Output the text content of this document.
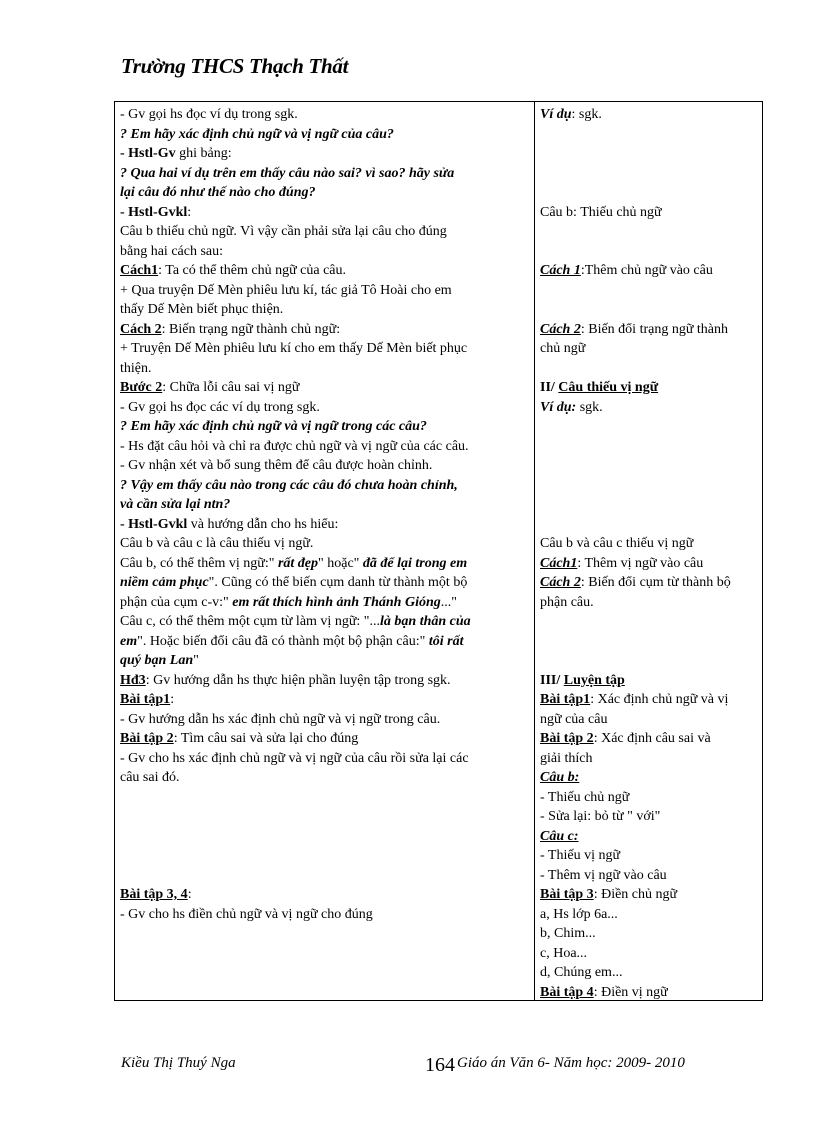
Trường THCS Thạch Thất
- Gv gọi hs đọc ví dụ trong sgk.
? Em hãy xác định chủ ngữ và vị ngữ của câu?
- Hstl-Gv ghi bảng:
? Qua hai ví dụ trên em thấy câu nào sai? vì sao? hãy sửa
lại câu đó như thế nào cho đúng?
- Hstl-Gvkl:
Câu b thiếu chủ ngữ. Vì vậy cần phải sửa lại câu cho đúng
bằng hai cách sau:
Cách1: Ta có thể thêm chủ ngữ của câu.
+ Qua truyện Dế Mèn phiêu lưu kí, tác giả Tô Hoài cho em
thấy Dế Mèn biết phục thiện.
Cách 2: Biến trạng ngữ thành chủ ngữ:
+ Truyện Dế Mèn phiêu lưu kí cho em thấy Dế Mèn biết phục
thiện.
Bước 2: Chữa lỗi câu sai vị ngữ
- Gv gọi hs đọc các ví dụ trong sgk.
? Em hãy xác định chủ ngữ và vị ngữ trong các câu?
- Hs đặt câu hỏi và chỉ ra được chủ ngữ và vị ngữ của các câu.
- Gv nhận xét và bổ sung thêm để câu được hoàn chỉnh.
? Vậy em thấy câu nào trong các câu đó chưa hoàn chỉnh,
và cần sửa lại ntn?
- Hstl-Gvkl và hướng dẫn cho hs hiểu:
Câu b và câu c là câu thiếu vị ngữ.
Câu b, có thể thêm vị ngữ:" rất đẹp" hoặc" đã để lại trong em
niềm cảm phục". Cũng có thể biến cụm danh từ thành một bộ
phận của cụm c-v:" em rất thích hình ảnh Thánh Gióng..."
Câu c, có thể thêm một cụm từ làm vị ngữ: "...là bạn thân của
em". Hoặc biến đổi câu đã có thành một bộ phận câu:" tôi rất
quý bạn Lan"
Hđ3: Gv hướng dẫn hs thực hiện phần luyện tập trong sgk.
Bài tập1:
- Gv hướng dẫn hs xác định chủ ngữ và vị ngữ trong câu.
Bài tập 2: Tìm câu sai và sửa lại cho đúng
- Gv cho hs xác định chủ ngữ và vị ngữ của câu rồi sửa lại các
câu sai đó.
Bài tập 3, 4:
- Gv cho hs điền chủ ngữ và vị ngữ cho đúng
Ví dụ: sgk.
Câu b: Thiếu chủ ngữ
Cách 1:Thêm chủ ngữ vào câu
Cách 2: Biến đổi trạng ngữ thành
chủ ngữ
II/ Câu thiếu vị ngữ
Ví dụ: sgk.
Câu b và câu c thiếu vị ngữ
Cách1: Thêm vị ngữ vào câu
Cách 2: Biến đổi cụm từ thành bộ
phận câu.
III/ Luyện tập
Bài tập1: Xác định chủ ngữ và vị
ngữ của câu
Bài tập 2: Xác định câu sai và
giải thích
Câu b:
- Thiếu chủ ngữ
- Sửa lại: bỏ từ " với"
Câu c:
- Thiếu vị ngữ
- Thêm vị ngữ vào câu
Bài tập 3: Điền chủ ngữ
a, Hs lớp 6a...
b, Chim...
c, Hoa...
d, Chúng em...
Bài tập 4: Điền vị ngữ
Kiều Thị Thuý Nga	164 Giáo án Văn 6- Năm học: 2009- 2010
